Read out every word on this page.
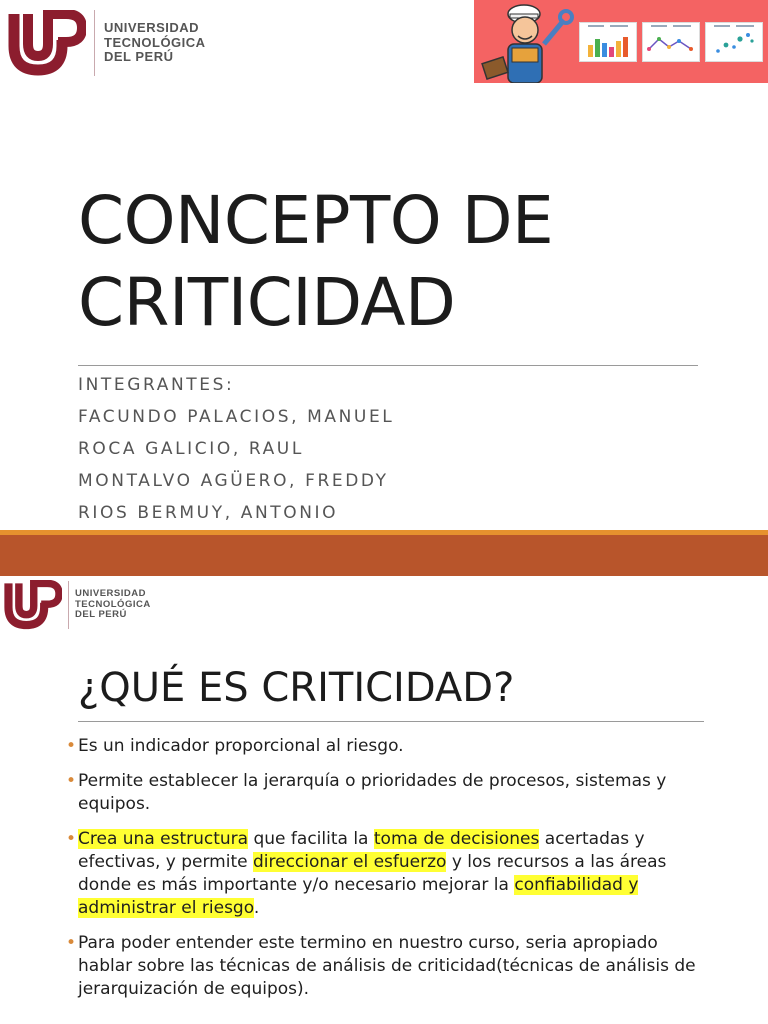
UNIVERSIDAD
TECNOLÓGICA
DEL PERÚ
CONCEPTO DE
CRITICIDAD
INTEGRANTES:
FACUNDO PALACIOS, MANUEL
ROCA GALICIO, RAUL
MONTALVO AGÜERO, FREDDY
RIOS BERMUY, ANTONIO
UNIVERSIDAD
TECNOLÓGICA
DEL PERÚ
¿QUÉ ES CRITICIDAD?
• Es un indicador proporcional al riesgo.
• Permite establecer la jerarquía o prioridades de procesos, sistemas y equipos.
• Crea una estructura que facilita la toma de decisiones acertadas y efectivas, y permite direccionar el esfuerzo y los recursos a las áreas donde es más importante y/o necesario mejorar la confiabilidad y administrar el riesgo.
• Para poder entender este termino en nuestro curso, seria apropiado hablar sobre las técnicas de análisis de criticidad(técnicas de análisis de jerarquización de equipos).
